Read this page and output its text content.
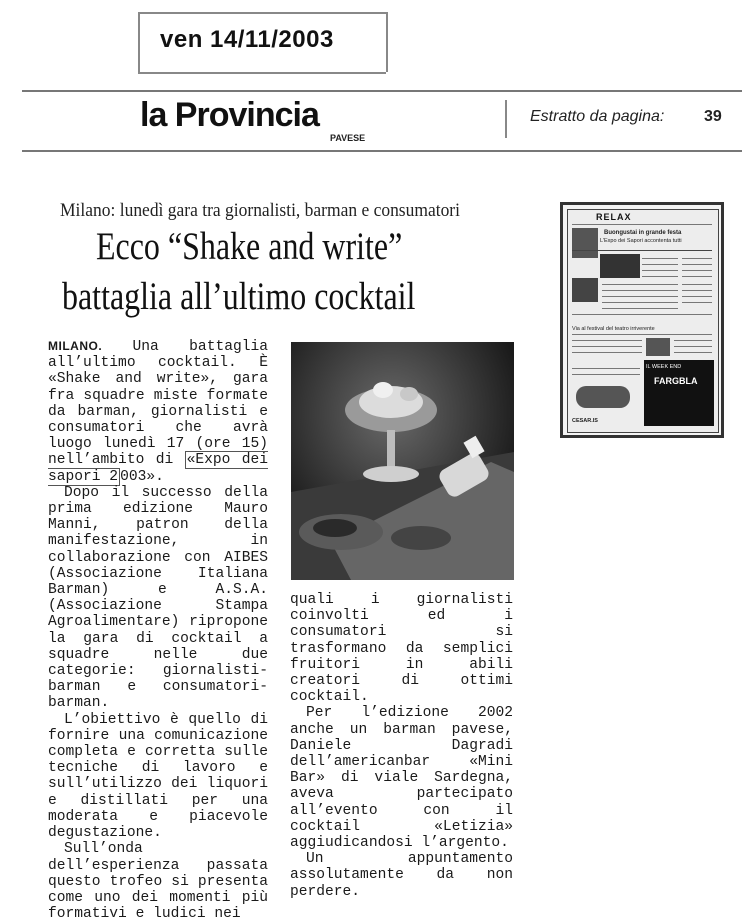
ven 14/11/2003
la Provincia
PAVESE
Estratto da pagina: 39
Milano: lunedì gara tra giornalisti, barman e consumatori
Ecco “Shake and write”
battaglia all’ultimo cocktail

MILANO. Una battaglia all’ultimo cocktail. È «Shake and write», gara fra squadre miste formate da barman, giornalisti e consumatori che avrà luogo lunedì 17 (ore 15) nell’ambito di «Expo dei sapori 2 003».

Dopo il successo della prima edizione Mauro Manni, patron della manifestazione, in collaborazione con AIBES (Associazione Italiana Barman) e A.S.A. (Associazione Stampa Agroalimentare) ripropone la gara di cocktail a squadre nelle due categorie: giornalisti-barman e consumatori-barman.

L’obiettivo è quello di fornire una comunicazione completa e corretta sulle tecniche di lavoro e sull’utilizzo dei liquori e distillati per una moderata e piacevole degustazione.

Sull’onda dell’esperienza passata questo trofeo si presenta come uno dei momenti più formativi e ludici nei

quali i giornalisti coinvolti ed i consumatori si trasformano da semplici fruitori in abili creatori di ottimi cocktail.

Per l’edizione 2002 anche un barman pavese, Daniele Dagradi dell’americanbar «Mini Bar» di viale Sardegna, aveva partecipato all’evento con il cocktail «Letizia» aggiudicandosi l’argento.

Un appuntamento assolutamente da non perdere.

RELAX
Buongustai in grande festa
L’Expo dei Sapori accontenta tutti
Via al festival del teatro irriverente
IL WEEK END
FARGBLA
CESAR.IS
